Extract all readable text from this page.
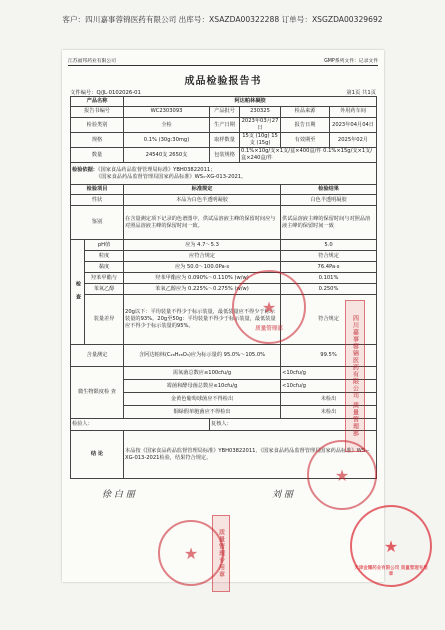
客户：四川嘉事蓉锦医药有限公司 出库号：XSAZDA00322288 订单号：XSGZDA00329692
江苏福邦药业有限公司	GMP系列文件：记录文件
成品检验报告书
文件编号：Q/JL·0102026-01	第1页 共1页
产品名称		阿达帕林凝胶				
报告书编号		WC2303093	产品批号	230325	检品来源	外用药车间
检验类别		全检	生产日期	2023年03月27日	报告日期	2023年04月04日
规格		0.1% (30g:30mg)	取样数量	15支 (10g) 15支 (15g)	有效期至	2025年02月
数量		24540支 2650支	包装规格	0.1%×10g/支×1支/盒×400盒/件 0.1%×15g/支×1支/盒×240盒/件		
检验依据：《国家食品药品监督管理局标准》YBH03822011；
《国家食品药品监督管理局国家药品标准》WS₁-XG-013-2021。						
检验项目		标准规定			检验结果	
性状		本品为白色半透明凝胶			白色半透明凝胶	
鉴别		在含量测定项下记录的色谱图中，供试品溶液主峰的保留时间应与对照品溶液主峰的保留时间一致。			供试品溶液主峰的保留时间与对照品溶液主峰的保留时间一致	
检 查	pH值	应为 4.7～5.3			5.0	
	粒度	应符合规定			符合规定	
	黏度	应为 50.0～100.0Pa·s			76.4Pa·s	
	羟苯甲酯与	羟苯甲酯应为 0.090%～0.110% (w/w)			0.101%	
	苯氧乙醇	苯氧乙醇应为 0.225%～0.275% (w/w)			0.250%	
	装量差异	20g以下：平均装量不得少于标示装量，最低装量应不得少于标示装量的93%。20g至50g：平均装量不得少于标示装量，最低装量应不得少于标示装量的95%。			符合规定	
含量测定		含阿达帕林(C₂₈H₂₈O₃)应为标示量的 95.0%～105.0%			99.5%	
微生物限度检 查		需氧菌总数应≤100cfu/g			<10cfu/g	
		霉菌和酵母菌总数应≤10cfu/g			<10cfu/g	
		金黄色葡萄球菌应不得检出			未检出	
		铜绿假单胞菌应不得检出			未检出	
检验人：			复核人：			
结 论		本品按《国家食品药品监督管理局标准》YBH03822011、《国家食品药品监督管理局国家药品标准》WS₁-XG-013-2021检验，结果符合规定。				
徐 白 丽	刘 丽
★
质量管理部
★
★
四川嘉事蓉锦医药有限公司 质量管理部
质量管理专用章	★
天津金耀药业有限公司 质量管理专用章
